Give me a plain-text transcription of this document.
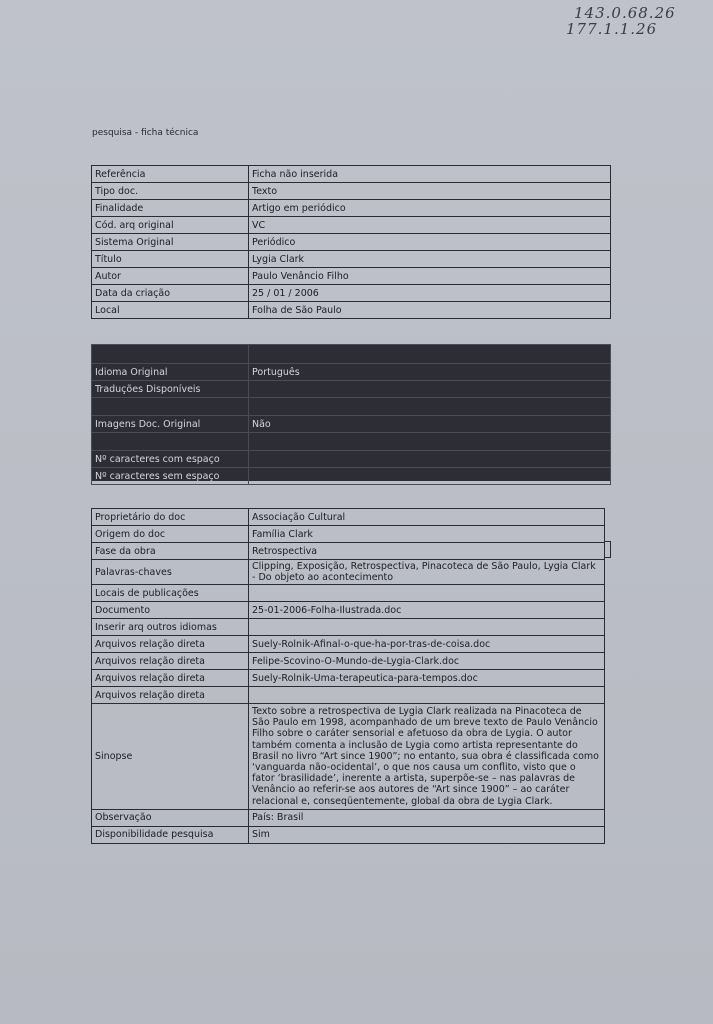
143.0.68.26
177.1.1.26
pesquisa - ficha técnica
Referência	Ficha não inserida
Tipo doc.	Texto
Finalidade	Artigo em periódico
Cód. arq original	VC
Sistema Original	Periódico
Título	Lygia Clark
Autor	Paulo Venâncio Filho
Data da criação	25 / 01 / 2006
Local	Folha de São Paulo

Idioma Original	Português
Traduções Disponíveis	

Imagens Doc. Original	Não

Nº caracteres com espaço	
Nº caracteres sem espaço	
Proprietário do doc	Associação Cultural
Origem do doc	Família Clark
Fase da obra	Retrospectiva
Palavras-chaves	Clipping, Exposição, Retrospectiva, Pinacoteca de São Paulo, Lygia Clark - Do objeto ao acontecimento
Locais de publicações	
Documento	25-01-2006-Folha-Ilustrada.doc
Inserir arq outros idiomas	
Arquivos relação direta	Suely-Rolnik-Afinal-o-que-ha-por-tras-de-coisa.doc
Arquivos relação direta	Felipe-Scovino-O-Mundo-de-Lygia-Clark.doc
Arquivos relação direta	Suely-Rolnik-Uma-terapeutica-para-tempos.doc
Arquivos relação direta	
Sinopse	Texto sobre a retrospectiva de Lygia Clark realizada na Pinacoteca de São Paulo em 1998, acompanhado de um breve texto de Paulo Venâncio Filho sobre o caráter sensorial e afetuoso da obra de Lygia. O autor também comenta a inclusão de Lygia como artista representante do Brasil no livro “Art since 1900”; no entanto, sua obra é classificada como ‘vanguarda não-ocidental’, o que nos causa um conflito, visto que o fator ‘brasilidade’, inerente a artista, superpõe-se – nas palavras de Venâncio ao referir-se aos autores de “Art since 1900” – ao caráter relacional e, conseqüentemente, global da obra de Lygia Clark.
Observação	País: Brasil
Disponibilidade pesquisa	Sim
